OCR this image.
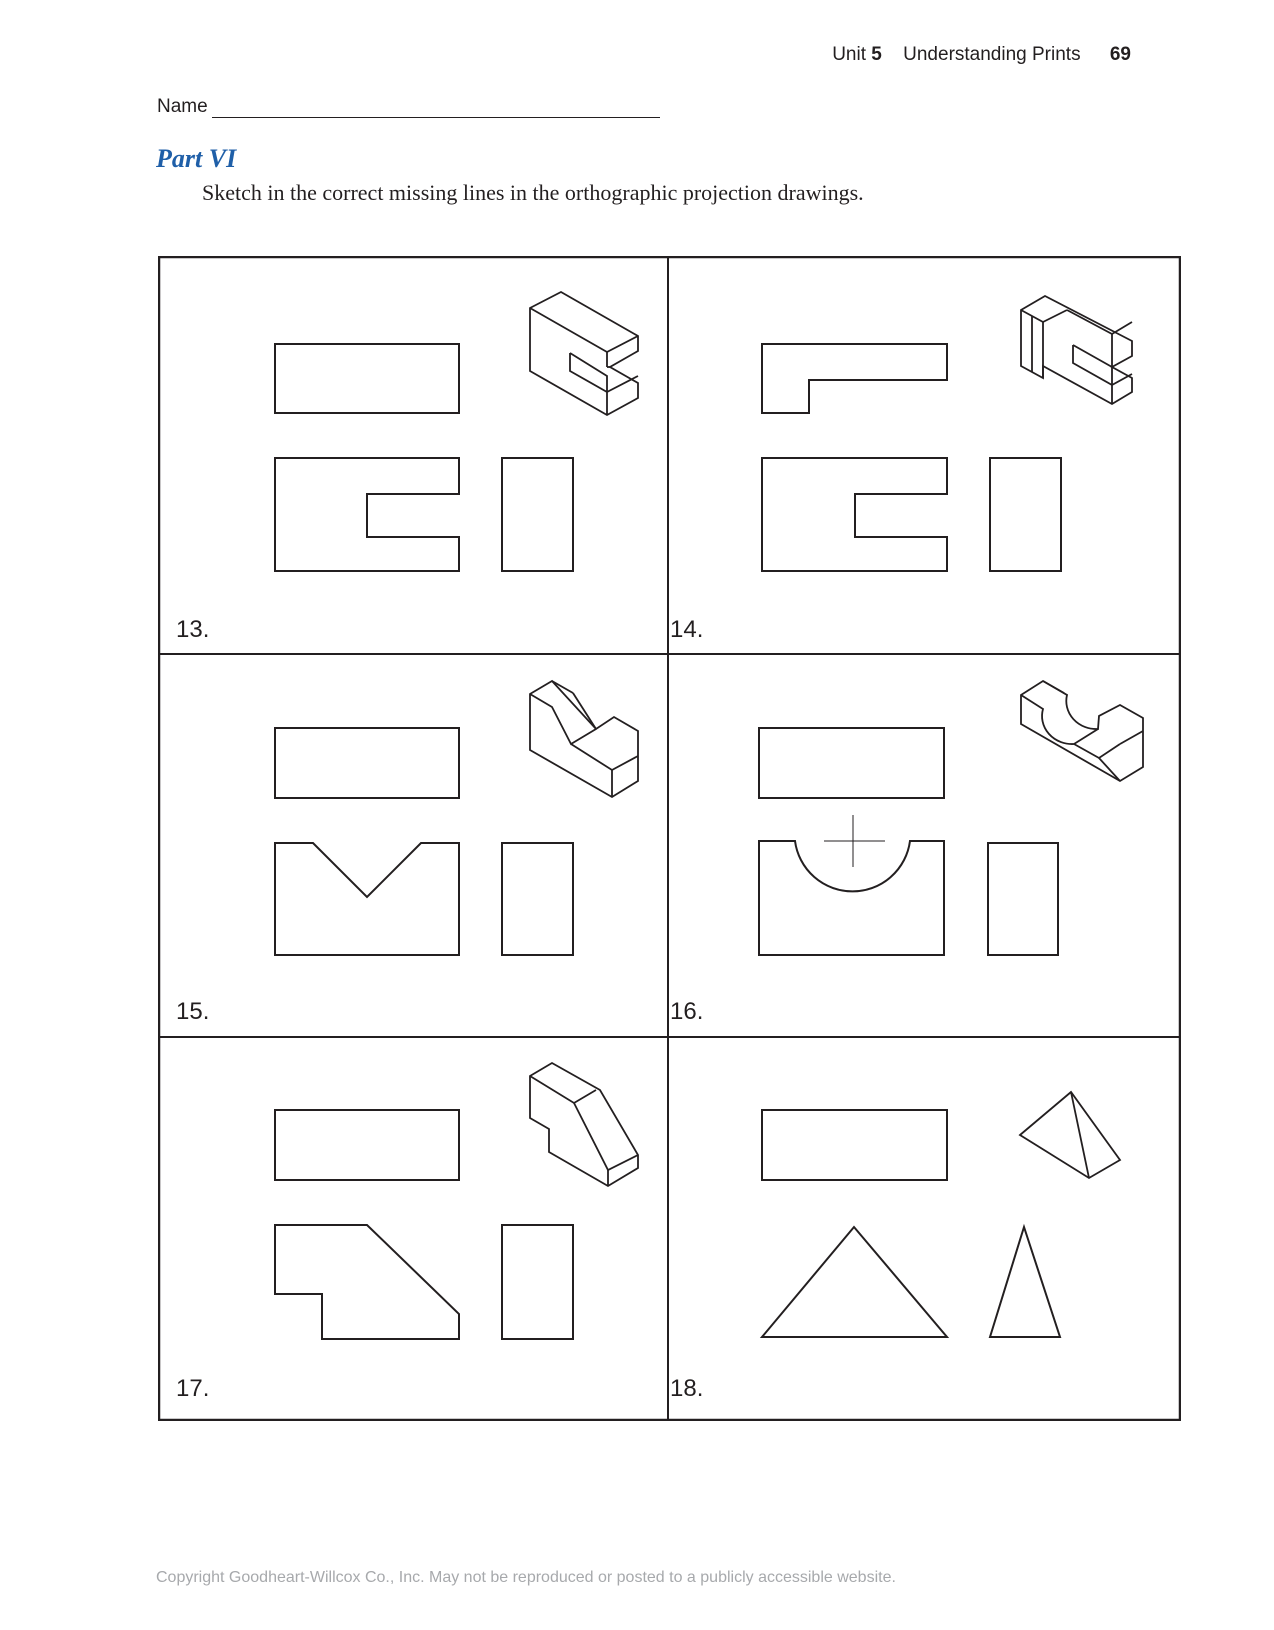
Unit 5 Understanding Prints 69
Name
Part VI
Sketch in the correct missing lines in the orthographic projection drawings.
13.	14.
15.	16.
17.	18.
Copyright Goodheart-Willcox Co., Inc. May not be reproduced or posted to a publicly accessible website.
